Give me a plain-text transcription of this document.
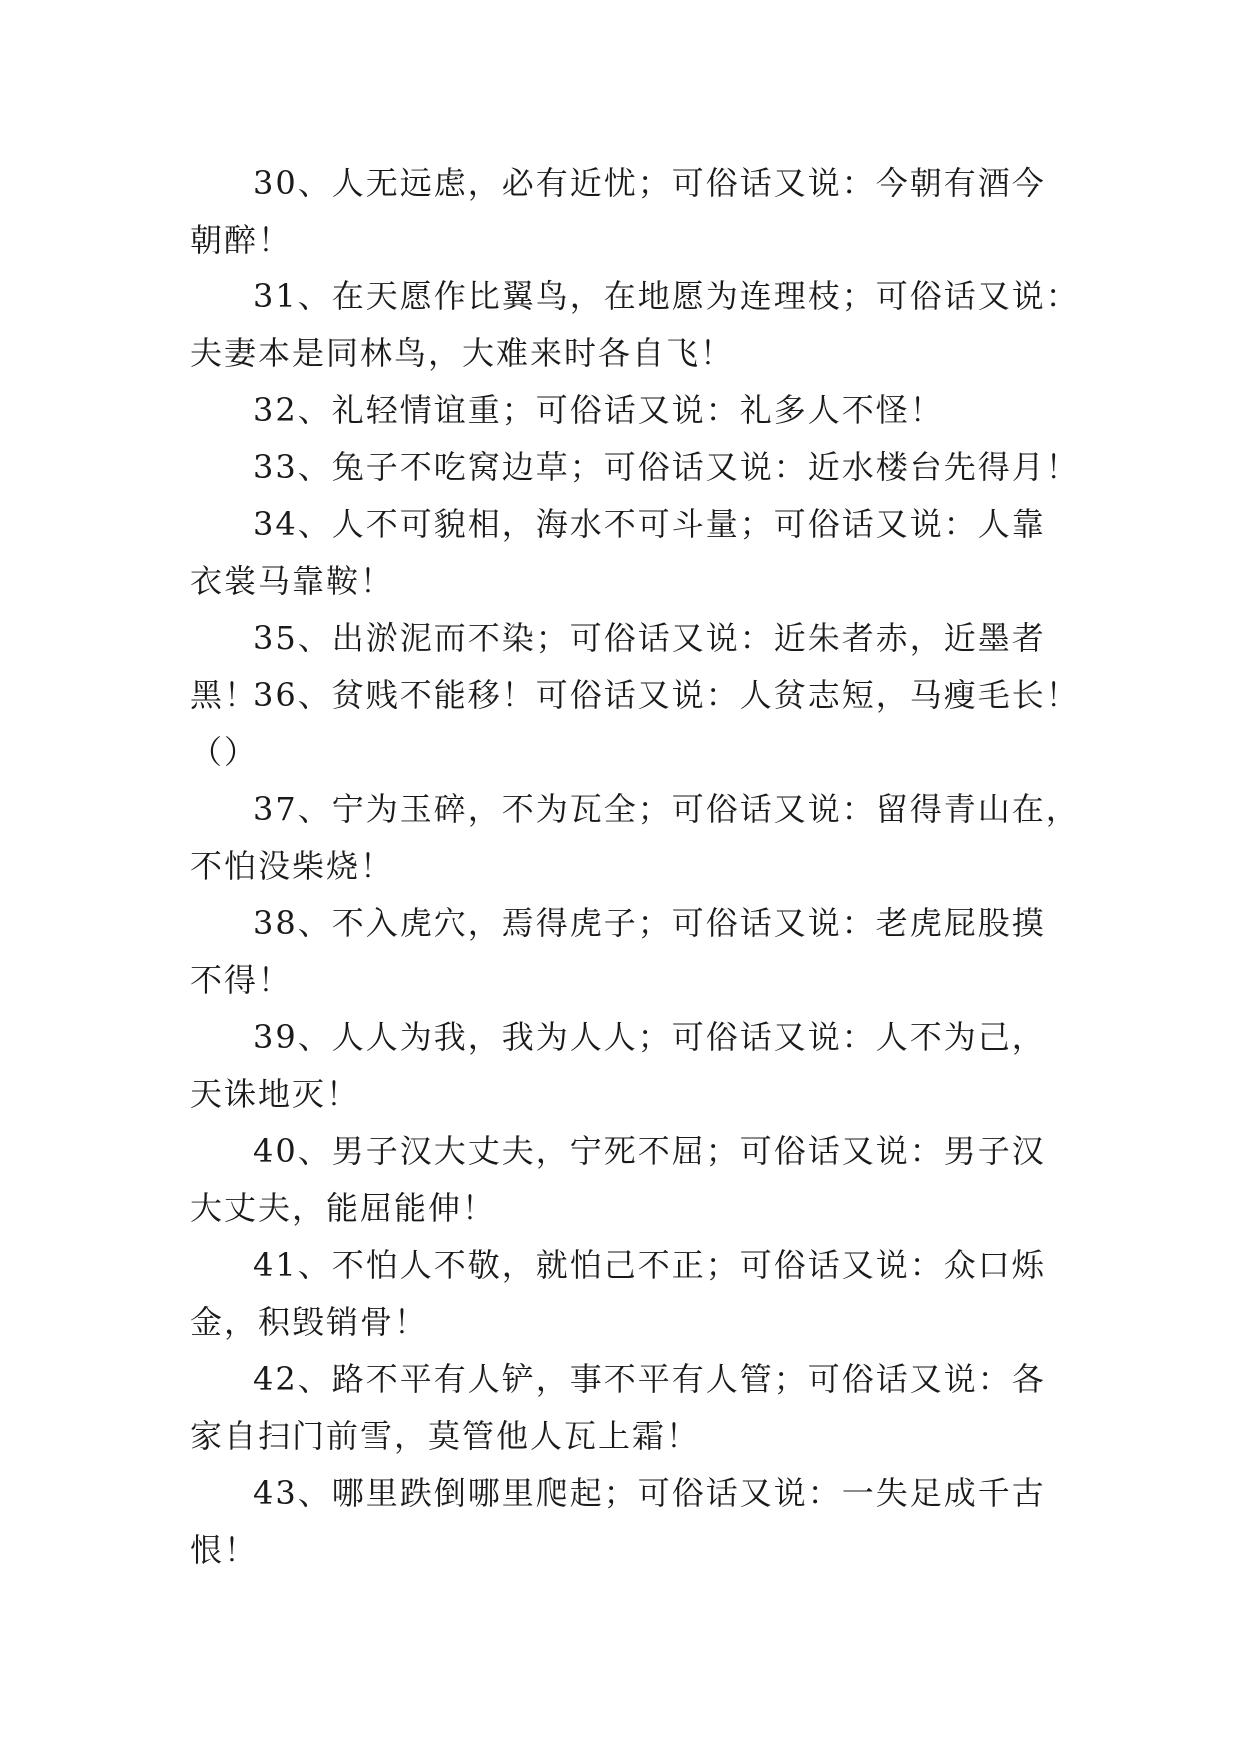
30、人无远虑，必有近忧；可俗话又说：今朝有酒今朝醉！

31、在天愿作比翼鸟，在地愿为连理枝；可俗话又说：夫妻本是同林鸟，大难来时各自飞！

32、礼轻情谊重；可俗话又说：礼多人不怪！

33、兔子不吃窝边草；可俗话又说：近水楼台先得月！

34、人不可貌相，海水不可斗量；可俗话又说：人靠衣裳马靠鞍！

35、出淤泥而不染；可俗话又说：近朱者赤，近墨者黑！

36、贫贱不能移！可俗话又说：人贫志短，马瘦毛长！（）

37、宁为玉碎，不为瓦全；可俗话又说：留得青山在，不怕没柴烧！

38、不入虎穴，焉得虎子；可俗话又说：老虎屁股摸不得！

39、人人为我，我为人人；可俗话又说：人不为己，天诛地灭！

40、男子汉大丈夫，宁死不屈；可俗话又说：男子汉大丈夫，能屈能伸！

41、不怕人不敬，就怕己不正；可俗话又说：众口烁金，积毁销骨！

42、路不平有人铲，事不平有人管；可俗话又说：各家自扫门前雪，莫管他人瓦上霜！

43、哪里跌倒哪里爬起；可俗话又说：一失足成千古恨！
